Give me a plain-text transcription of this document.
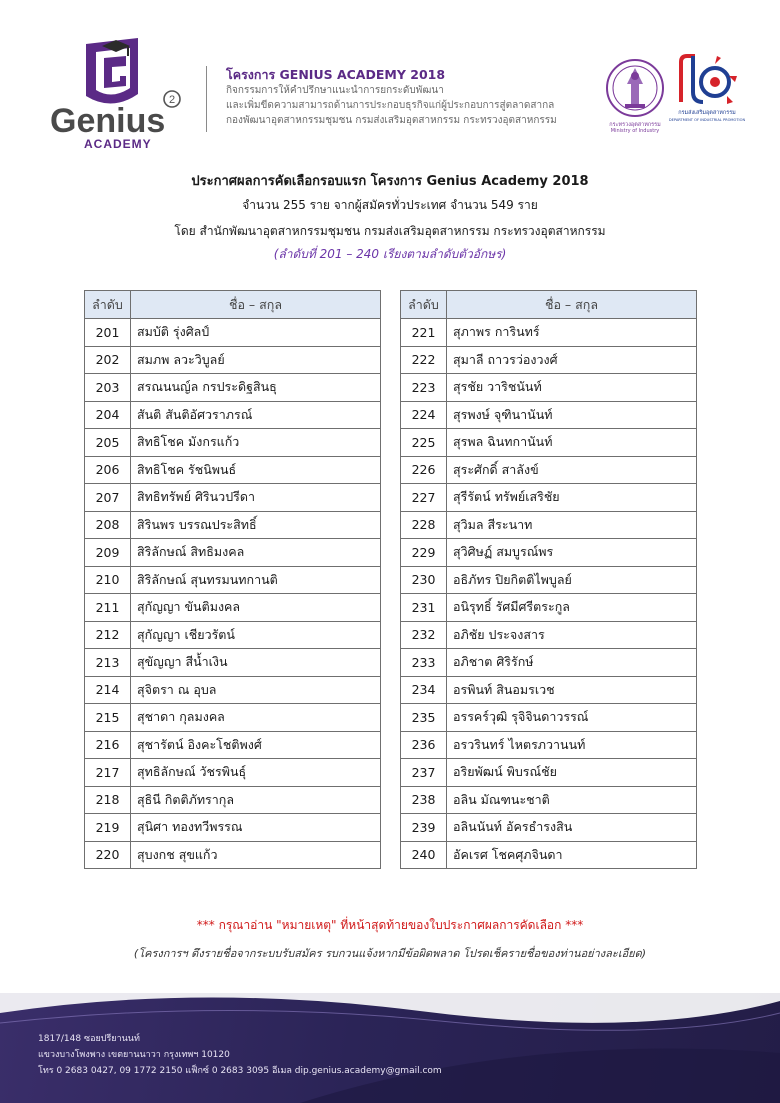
2
Genius
ACADEMY
โครงการ GENIUS ACADEMY 2018
กิจกรรมการให้คำปรึกษาแนะนำการยกระดับพัฒนา
และเพิ่มขีดความสามารถด้านการประกอบธุรกิจแก่ผู้ประกอบการสู่ตลาดสากล
กองพัฒนาอุตสาหกรรมชุมชน กรมส่งเสริมอุตสาหกรรม กระทรวงอุตสาหกรรม	กระทรวงอุตสาหกรรม
Ministry of Industry
กรมส่งเสริมอุตสาหกรรม
DEPARTMENT OF INDUSTRIAL PROMOTION
ประกาศผลการคัดเลือกรอบแรก โครงการ Genius Academy 2018
จำนวน 255 ราย จากผู้สมัครทั่วประเทศ จำนวน 549 ราย
โดย สำนักพัฒนาอุตสาหกรรมชุมชน กรมส่งเสริมอุตสาหกรรม กระทรวงอุตสาหกรรม
(ลำดับที่ 201 – 240 เรียงตามลำดับตัวอักษร)
ลำดับ	ชื่อ – สกุล
201	สมบัติ รุ่งศิลป์
202	สมภพ ลวะวิบูลย์
203	สรณนนญ์ล กรประดิฐสินธุ
204	สันติ สันติอัศวราภรณ์
205	สิทธิโชค มังกรแก้ว
206	สิทธิโชค รัชนิพนธ์
207	สิทธิทรัพย์ ศิรินวปรีดา
208	สิรินพร บรรณประสิทธิ์
209	สิริลักษณ์ สิทธิมงคล
210	สิริลักษณ์ สุนทรมนทกานติ
211	สุกัญญา ขันติมงคล
212	สุกัญญา เชียวรัตน์
213	สุขัญญา สีน้ำเงิน
214	สุจิตรา ณ อุบล
215	สุชาดา กุลมงคล
216	สุชารัตน์ อิงคะโชติพงศ์
217	สุทธิลักษณ์ วัชรพินธุ์
218	สุธินี กิตติภัทรากุล
219	สุนิศา ทองทวีพรรณ
220	สุบงกช สุขแก้ว
ลำดับ	ชื่อ – สกุล
221	สุภาพร การินทร์
222	สุมาลี ถาวรว่องวงศ์
223	สุรชัย วาริชนันท์
224	สุรพงษ์ จุฑินานันท์
225	สุรพล ฉินทกานันท์
226	สุระศักดิ์ สาลังข์
227	สุรีรัตน์ ทรัพย์เสริชัย
228	สุวิมล สีระนาท
229	สุวิศิษฏ์ สมบูรณ์พร
230	อธิภัทร ปิยกิตติไพบูลย์
231	อนิรุทธิ์ รัศมีศรีตระกูล
232	อภิชัย ประจงสาร
233	อภิชาต ศิริรักษ์
234	อรพินท์ สินอมรเวช
235	อรรคร์วุฒิ รุจิจินดาวรรณ์
236	อรวรินทร์ ไหตรภวานนท์
237	อริยพัฒน์ พิบรณ์ชัย
238	อลิน มัณฑนะชาติ
239	อลินนันท์ อัครธำรงสิน
240	อัคเรศ โชคศุภจินดา
*** กรุณาอ่าน "หมายเหตุ" ที่หน้าสุดท้ายของใบประกาศผลการคัดเลือก ***
(โครงการฯ ดึงรายชื่อจากระบบรับสมัคร รบกวนแจ้งหากมีข้อผิดพลาด โปรดเช็ครายชื่อของท่านอย่างละเอียด)
1817/148 ซอยปรียานนท์
แขวงบางโพงพาง เขตยานนาวา กรุงเทพฯ 10120
โทร 0 2683 0427, 09 1772 2150 แฟ็กซ์ 0 2683 3095 อีเมล dip.genius.academy@gmail.com
